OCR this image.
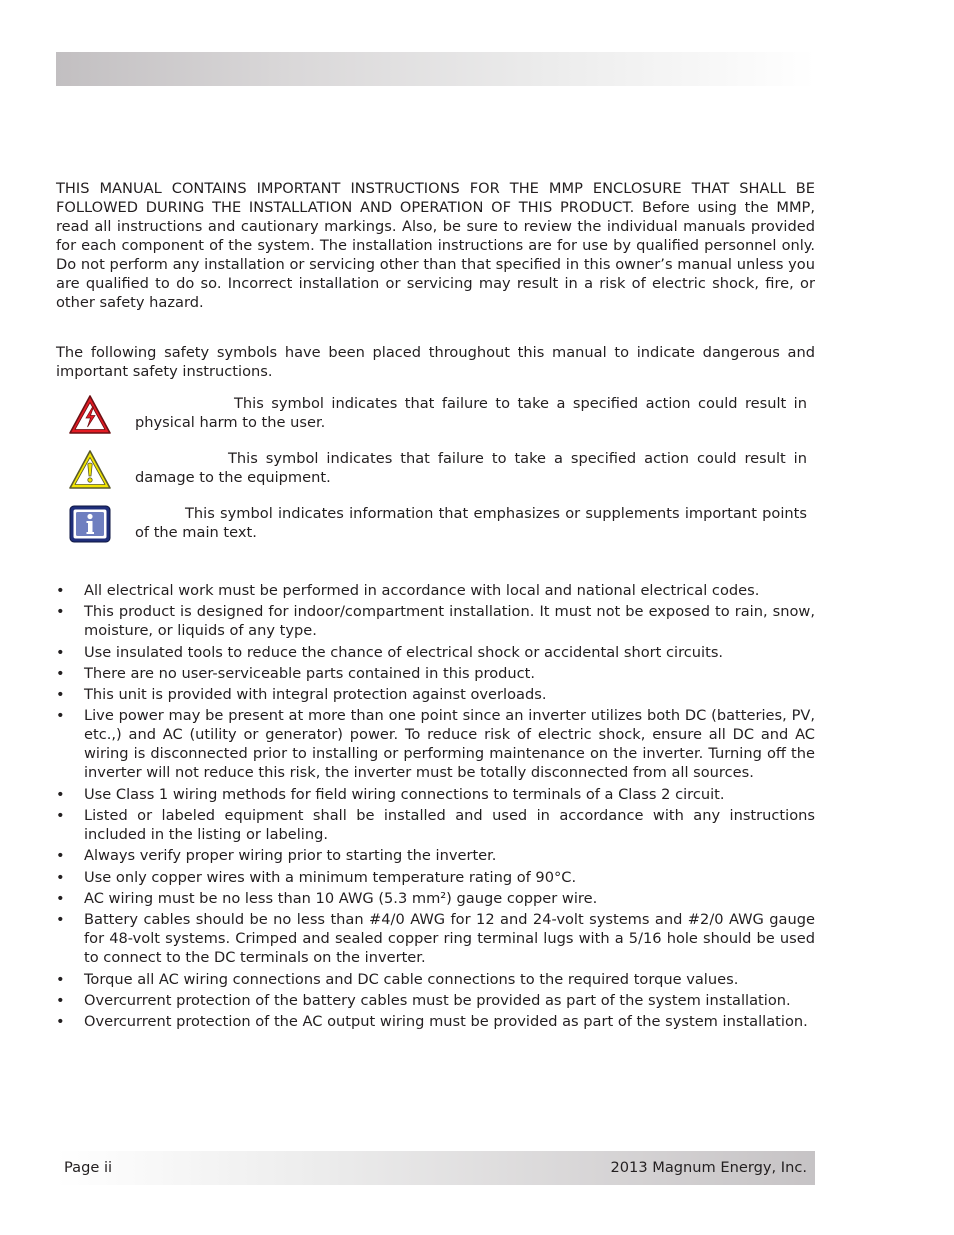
THIS MANUAL CONTAINS IMPORTANT INSTRUCTIONS FOR THE MMP ENCLOSURE THAT SHALL BE FOLLOWED DURING THE INSTALLATION AND OPERATION OF THIS PRODUCT. Before using the MMP, read all instructions and cautionary markings. Also, be sure to review the individual manuals provided for each component of the system. The installation instructions are for use by qualified personnel only. Do not perform any installation or servicing other than that specified in this owner’s manual unless you are qualified to do so. Incorrect installation or servicing may result in a risk of electric shock, fire, or other safety hazard.

The following safety symbols have been placed throughout this manual to indicate dangerous and important safety instructions.

This symbol indicates that failure to take a specified action could result in physical harm to the user.

This symbol indicates that failure to take a specified action could result in damage to the equipment.

This symbol indicates information that emphasizes or supplements important points of the main text.

• All electrical work must be performed in accordance with local and national electrical codes.
• This product is designed for indoor/compartment installation. It must not be exposed to rain, snow, moisture, or liquids of any type.
• Use insulated tools to reduce the chance of electrical shock or accidental short circuits.
• There are no user-serviceable parts contained in this product.
• This unit is provided with integral protection against overloads.
• Live power may be present at more than one point since an inverter utilizes both DC (batteries, PV, etc.,) and AC (utility or generator) power. To reduce risk of electric shock, ensure all DC and AC wiring is disconnected prior to installing or performing maintenance on the inverter. Turning off the inverter will not reduce this risk, the inverter must be totally disconnected from all sources.
• Use Class 1 wiring methods for field wiring connections to terminals of a Class 2 circuit.
• Listed or labeled equipment shall be installed and used in accordance with any instructions included in the listing or labeling.
• Always verify proper wiring prior to starting the inverter.
• Use only copper wires with a minimum temperature rating of 90°C.
• AC wiring must be no less than 10 AWG (5.3 mm²) gauge copper wire.
• Battery cables should be no less than #4/0 AWG for 12 and 24-volt systems and #2/0 AWG gauge for 48-volt systems. Crimped and sealed copper ring terminal lugs with a 5/16 hole should be used to connect to the DC terminals on the inverter.
• Torque all AC wiring connections and DC cable connections to the required torque values.
• Overcurrent protection of the battery cables must be provided as part of the system installation.
• Overcurrent protection of the AC output wiring must be provided as part of the system installation.
Page ii	2013 Magnum Energy, Inc.
